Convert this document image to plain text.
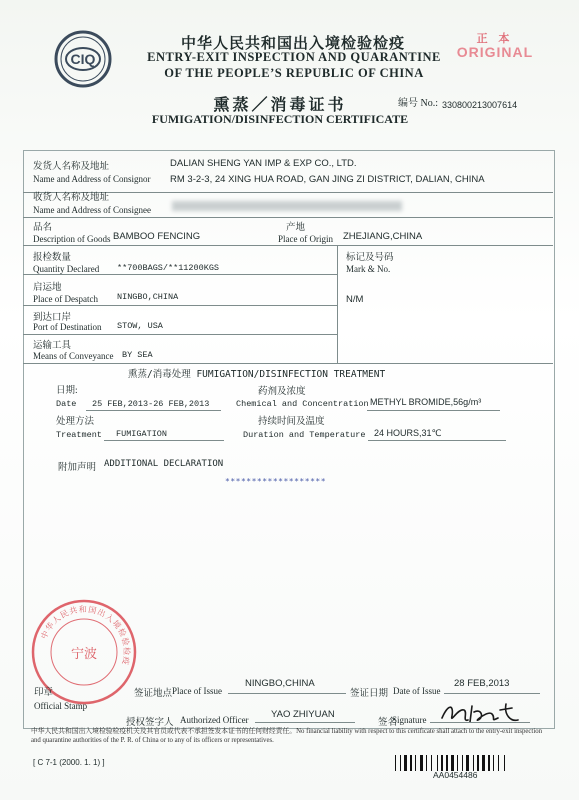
CIQ
中华人民共和国出入境检验检疫
ENTRY-EXIT INSPECTION AND QUARANTINE
OF THE PEOPLE’S REPUBLIC OF CHINA
正 本
ORIGINAL
熏蒸／消毒证书
FUMIGATION/DISINFECTION CERTIFICATE
编号 No.: 330800213007614
发货人名称及地址
Name and Address of Consignor
DALIAN SHENG YAN IMP & EXP CO., LTD.
RM 3-2-3, 24 XING HUA ROAD, GAN JING ZI DISTRICT, DALIAN, CHINA
收货人名称及地址
Name and Address of Consignee
品名
Description of Goods BAMBOO FENCING
产地
Place of Origin ZHEJIANG,CHINA
报检数量
Quantity Declared **700BAGS/**11200KGS
标记及号码
Mark & No.
N/M
启运地
Place of Despatch NINGBO,CHINA
到达口岸
Port of Destination STOW, USA
运输工具
Means of Conveyance BY SEA
熏蒸/消毒处理 FUMIGATION/DISINFECTION TREATMENT
日期:
Date 25 FEB,2013-26 FEB,2013
药剂及浓度
Chemical and Concentration METHYL BROMIDE,56g/m³
处理方法
Treatment FUMIGATION
持续时间及温度
Duration and Temperature 24 HOURS,31℃
附加声明 ADDITIONAL DECLARATION
*******************
中华人民共和国出入境检验检疫
宁波
印章
Official Stamp
签证地点 Place of Issue
NINGBO,CHINA
签证日期 Date of Issue
28 FEB,2013
授权签字人 Authorized Officer YAO ZHIYUAN
签名
Signature
中华人民共和国出入境检验检疫机关及其官员或代表不承担签发本证书的任何财经责任。No financial liability with respect to this certificate shall attach to the entry-exit inspection and quarantine authorities of the P. R. of China or to any of its officers or representatives.
[ C 7-1 (2000. 1. 1) ]
AA0454486
